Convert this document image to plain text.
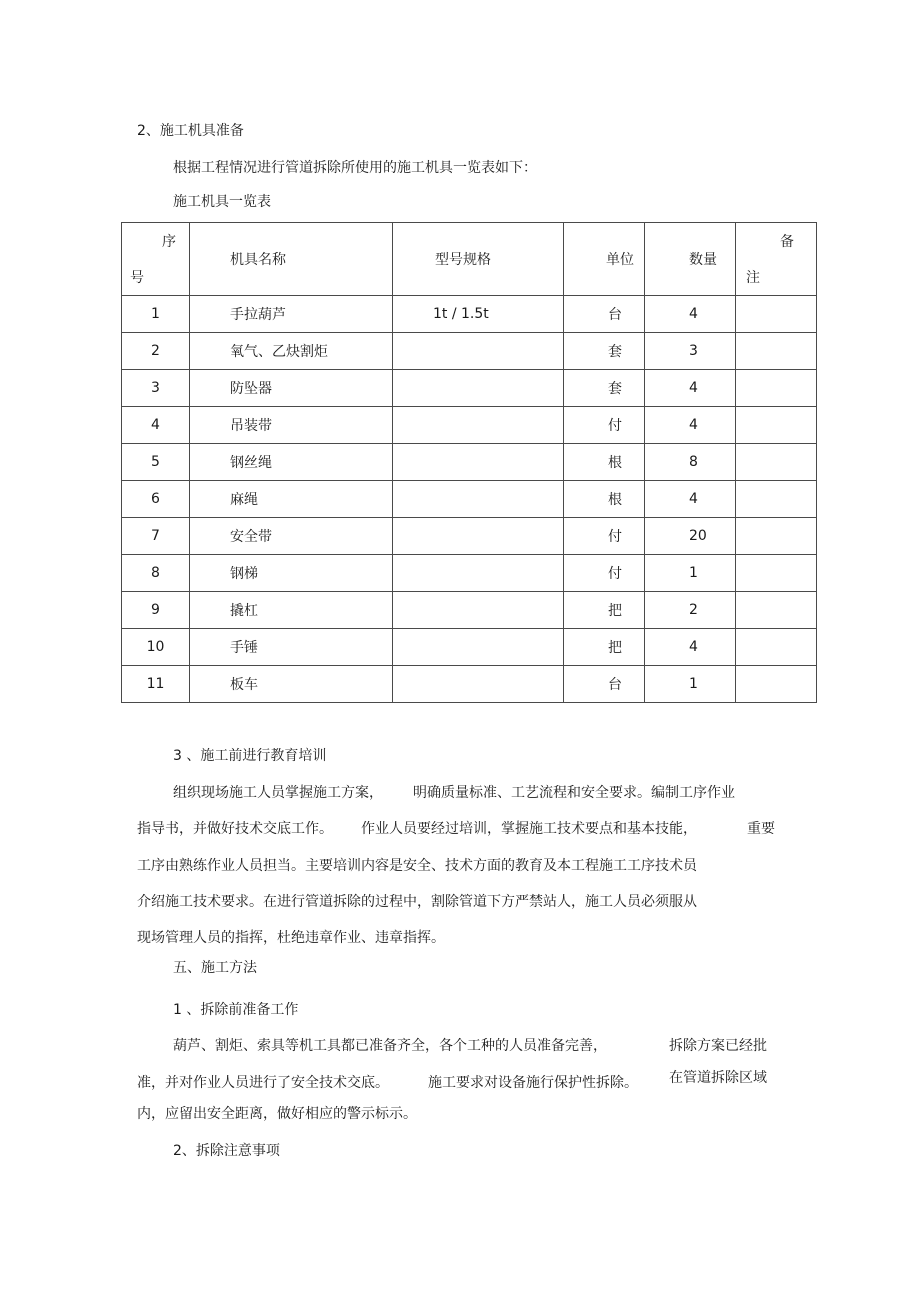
2、施工机具准备
根据工程情况进行管道拆除所使用的施工机具一览表如下：
施工机具一览表
序
号	机具名称	型号规格	单位	数量	备
注

1	手拉葫芦	1t / 1.5t	台	4	
2	氧气、乙炔割炬		套	3	
3	防坠器		套	4	
4	吊装带		付	4	
5	钢丝绳		根	8	
6	麻绳		根	4	
7	安全带		付	20	
8	钢梯		付	1	
9	撬杠		把	2	
10	手锤		把	4	
11	板车		台	1	
3 、施工前进行教育培训
组织现场施工人员掌握施工方案， 明确质量标准、工艺流程和安全要求。编制工序作业
指导书，并做好技术交底工作。 作业人员要经过培训，掌握施工技术要点和基本技能，	重要
工序由熟练作业人员担当。主要培训内容是安全、技术方面的教育及本工程施工工序技术员
介绍施工技术要求。在进行管道拆除的过程中，割除管道下方严禁站人，施工人员必须服从
现场管理人员的指挥，杜绝违章作业、违章指挥。
五、施工方法
1 、拆除前准备工作
葫芦、割炬、索具等机工具都已准备齐全，各个工种的人员准备完善，	拆除方案已经批
准，并对作业人员进行了安全技术交底。	施工要求对设备施行保护性拆除。 在管道拆除区域
内，应留出安全距离，做好相应的警示标示。
2、拆除注意事项
